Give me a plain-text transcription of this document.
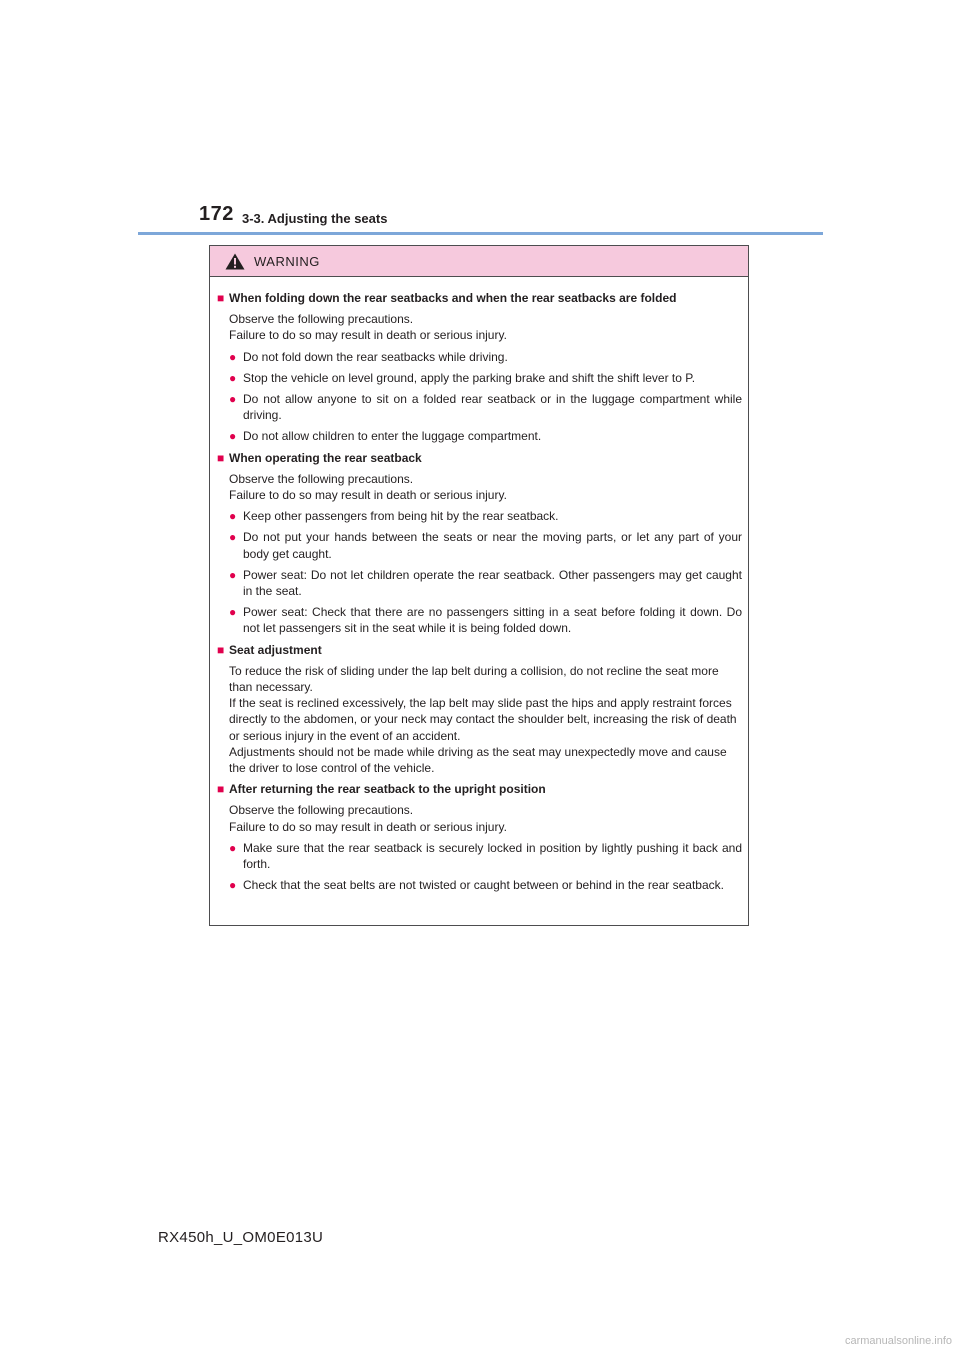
172 3-3. Adjusting the seats
WARNING
■ When folding down the rear seatbacks and when the rear seatbacks are folded
Observe the following precautions.
Failure to do so may result in death or serious injury.
● Do not fold down the rear seatbacks while driving.
● Stop the vehicle on level ground, apply the parking brake and shift the shift lever to P.
● Do not allow anyone to sit on a folded rear seatback or in the luggage compartment while driving.
● Do not allow children to enter the luggage compartment.
■ When operating the rear seatback
Observe the following precautions.
Failure to do so may result in death or serious injury.
● Keep other passengers from being hit by the rear seatback.
● Do not put your hands between the seats or near the moving parts, or let any part of your body get caught.
● Power seat: Do not let children operate the rear seatback. Other passengers may get caught in the seat.
● Power seat: Check that there are no passengers sitting in a seat before folding it down. Do not let passengers sit in the seat while it is being folded down.
■ Seat adjustment
To reduce the risk of sliding under the lap belt during a collision, do not recline the seat more than necessary.
If the seat is reclined excessively, the lap belt may slide past the hips and apply restraint forces directly to the abdomen, or your neck may contact the shoulder belt, increasing the risk of death or serious injury in the event of an accident.
Adjustments should not be made while driving as the seat may unexpectedly move and cause the driver to lose control of the vehicle.
■ After returning the rear seatback to the upright position
Observe the following precautions.
Failure to do so may result in death or serious injury.
● Make sure that the rear seatback is securely locked in position by lightly pushing it back and forth.
● Check that the seat belts are not twisted or caught between or behind in the rear seatback.
RX450h_U_OM0E013U
carmanualsonline.info
